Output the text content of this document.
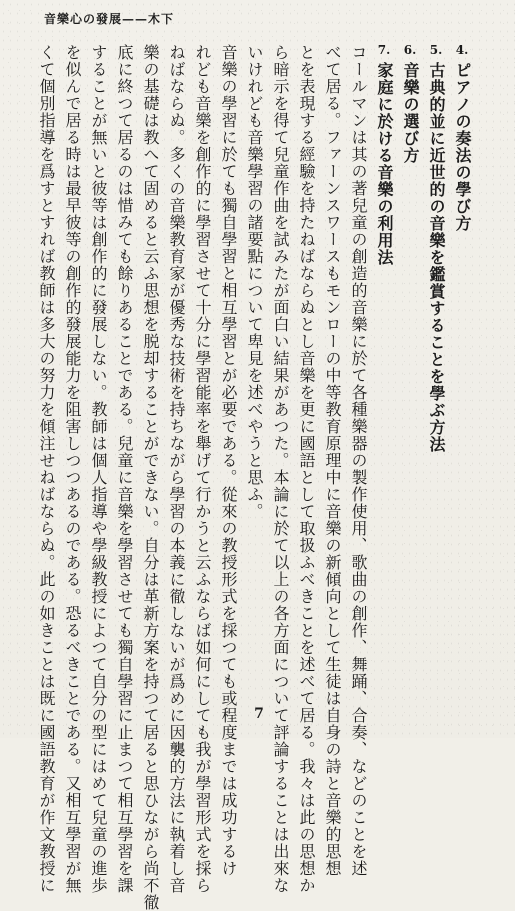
音樂心の發展——木下
4.ピアノの奏法の學び方
5.古典的並に近世的の音樂を鑑賞することを學ぶ方法
6.音樂の選び方
7.家庭に於ける音樂の利用法
コールマンは其の著兒童の創造的音樂に於て各種樂器の製作使用、歌曲の創作、舞踊、合奏、などのことを述
べて居る。ファーンスワースもモンローの中等教育原理中に音樂の新傾向として生徒は自身の詩と音樂的思想
とを表現する經驗を持たねばならぬとし音樂を更に國語として取扱ふべきことを述べて居る。我々は此の思想か
ら暗示を得て兒童作曲を試みたが面白い結果があつた。本論に於て以上の各方面について評論することは出來な
いけれども音樂學習の諸要點について卑見を述べやうと思ふ。
音樂の學習に於ても獨自學習と相互學習とが必要である。從來の教授形式を採つても或程度までは成功するけ
れども音樂を創作的に學習させて十分に學習能率を舉げて行かうと云ふならば如何にしても我が學習形式を採ら
ねばならぬ。多くの音樂教育家が優秀な技術を持ちながら學習の本義に徹しないが爲めに因襲的方法に執着し音
樂の基礎は教へて固めると云ふ思想を脱却することができない。自分は革新方案を持つて居ると思ひながら尚不徹
底に終つて居るのは惜みても餘りあることである。兒童に音樂を學習させても獨自學習に止まつて相互學習を課
することが無いと彼等は創作的に發展しない。教師は個人指導や學級教授によつて自分の型にはめて兒童の進歩
を似んで居る時は最早彼等の創作的發展能力を阻害しつつあるのである。恐るべきことである。又相互學習が無
くて個別指導を爲すとすれば教師は多大の努力を傾注せねばならぬ。此の如きことは既に國語教育が作文教授に	7
